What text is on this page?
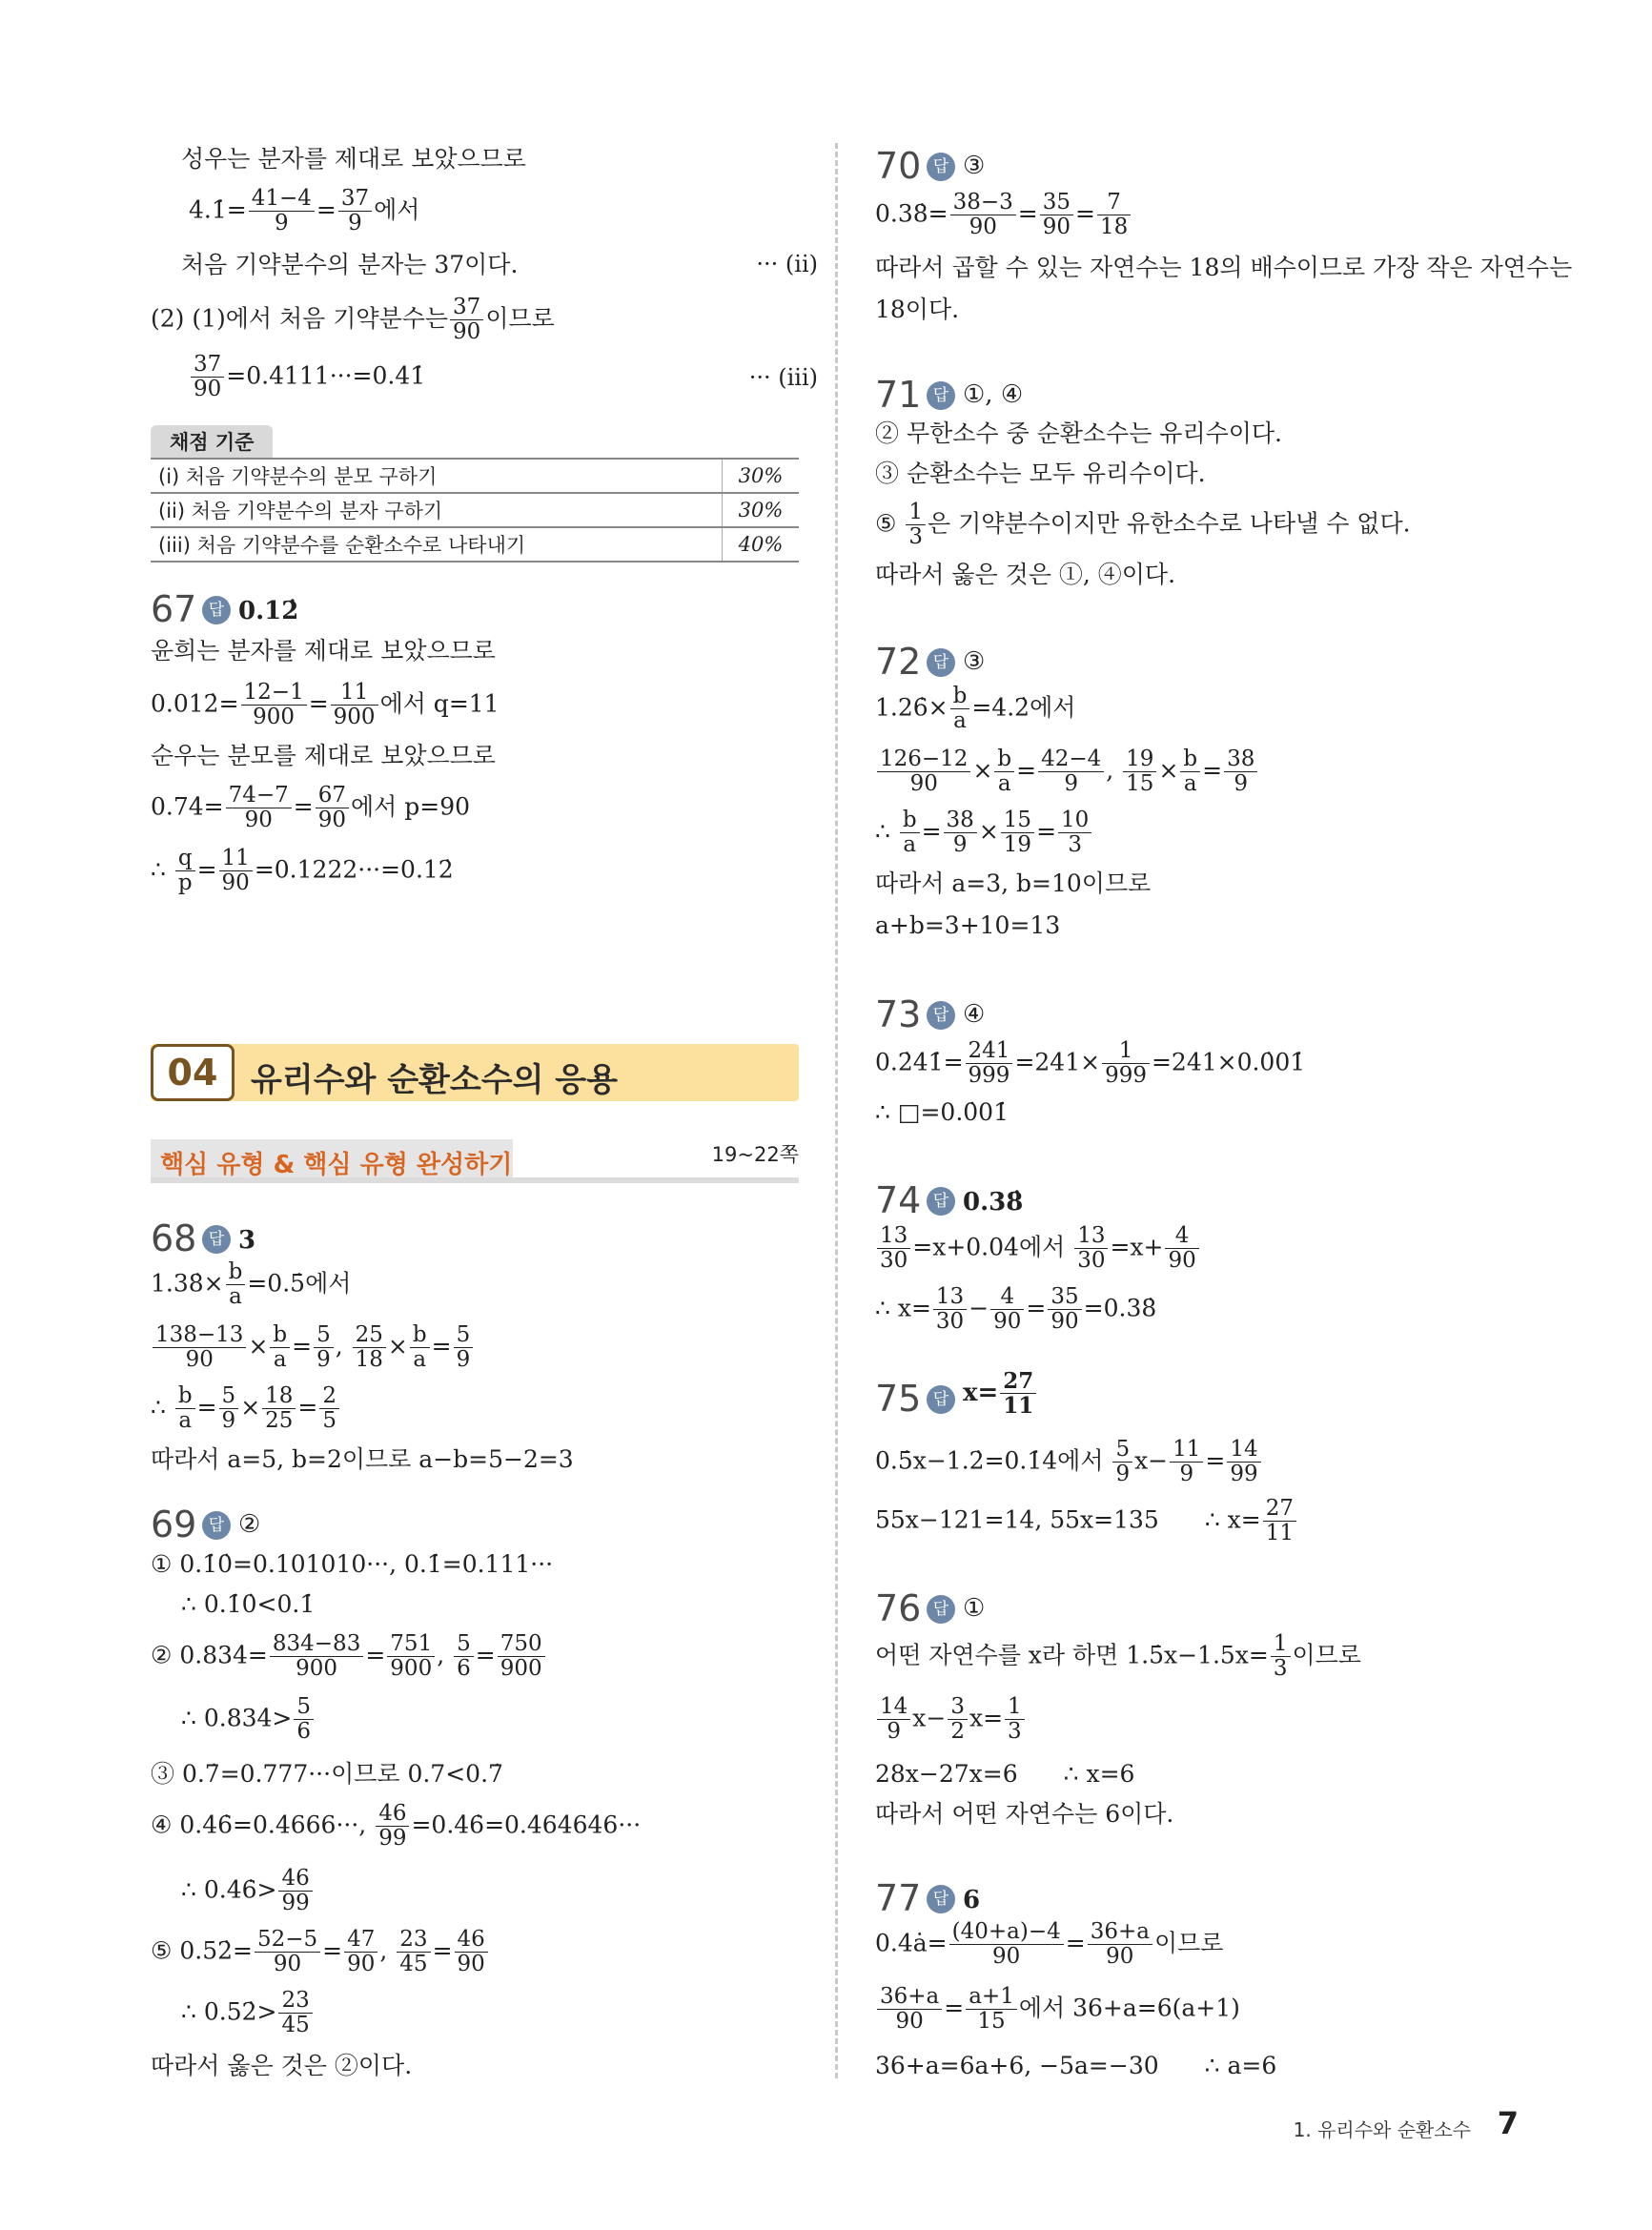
성우는 분자를 제대로 보았으므로
4.1̇= $\frac{41-4}{9} = \frac{37}{9}$ 에서
처음 기약분수의 분자는 37이다.	··· (ii)
(2) (1)에서 처음 기약분수는 $\frac{37}{90}$ 이므로
$\frac{37}{90}$ =0.4111···=0.41̇	··· (iii)
채점 기준
(i) 처음 기약분수의 분모 구하기	30%
(ii) 처음 기약분수의 분자 구하기	30%
(iii) 처음 기약분수를 순환소수로 나타내기	40%
67 답 0.12̇
윤희는 분자를 제대로 보았으므로
0.012̇= $\frac{12-1}{900} = \frac{11}{900}$ 에서 q=11
순우는 분모를 제대로 보았으므로
0.74̇= $\frac{74-7}{90} = \frac{67}{90}$ 에서 p=90
∴ $\frac{q}{p} = \frac{11}{90}$ =0.1222···=0.12̇
04	유리수와 순환소수의 응용
핵심 유형 & 핵심 유형 완성하기	19~22쪽
68 답 3
1.38̇× $\frac{b}{a}$ =0.5̇에서
$\frac{138-13}{90} \times \frac{b}{a} = \frac{5}{9}$ , $\frac{25}{18} \times \frac{b}{a} = \frac{5}{9}$
∴ $\frac{b}{a} = \frac{5}{9} \times \frac{18}{25} = \frac{2}{5}$
따라서 a=5, b=2이므로 a−b=5−2=3
69 답 ②
① 0.1̇0̇=0.101010···, 0.1̇=0.111···
∴ 0.1̇0̇<0.1̇
② 0.834̇= $\frac{834-83}{900} = \frac{751}{900}$ , $\frac{5}{6} = \frac{750}{900}$
∴ 0.834̇> $\frac{5}{6}$
③ 0.7̇=0.777···이므로 0.7<0.7̇
④ 0.46̇=0.4666···, $\frac{46}{99}$ =0.4̇6̇=0.464646···
∴ 0.46̇> $\frac{46}{99}$
⑤ 0.52̇= $\frac{52-5}{90} = \frac{47}{90}$ , $\frac{23}{45} = \frac{46}{90}$
∴ 0.52̇> $\frac{23}{45}$
따라서 옳은 것은 ②이다.
70 답 ③
0.38̇= $\frac{38-3}{90} = \frac{35}{90} = \frac{7}{18}$
따라서 곱할 수 있는 자연수는 18의 배수이므로 가장 작은 자연수는
18이다.
71 답 ①, ④
② 무한소수 중 순환소수는 유리수이다.
③ 순환소수는 모두 유리수이다.
⑤ $\frac{1}{3}$ 은 기약분수이지만 유한소수로 나타낼 수 없다.
따라서 옳은 것은 ①, ④이다.
72 답 ③
1.26̇× $\frac{b}{a}$ =4.2̇에서
$\frac{126-12}{90} \times \frac{b}{a} = \frac{42-4}{9}$ , $\frac{19}{15} \times \frac{b}{a} = \frac{38}{9}$
∴ $\frac{b}{a} = \frac{38}{9} \times \frac{15}{19} = \frac{10}{3}$
따라서 a=3, b=10이므로
a+b=3+10=13
73 답 ④
0.2̇41̇= $\frac{241}{999} =241\times \frac{1}{999}$ =241×0.0̇01̇
∴ □=0.0̇01̇
74 답 0.38̇
$\frac{13}{30}$ =x+0.04̇에서 $\frac{13}{30} =x+ \frac{4}{90}$
∴ $x= \frac{13}{30} - \frac{4}{90} = \frac{35}{90}$ =0.38̇
75 답 $x= \frac{27}{11}$
0.5̇x−1.2̇=0.1̇4̇에서 $\frac{5}{9} x- \frac{11}{9} = \frac{14}{99}$
55x−121=14, 55x=135 ∴ $x= \frac{27}{11}$
76 답 ①
어떤 자연수를 x라 하면 1.5̇x−1.5x= $\frac{1}{3}$ 이므로
$\frac{14}{9} x- \frac{3}{2} x= \frac{1}{3}$
28x−27x=6 ∴ x=6
따라서 어떤 자연수는 6이다.
77 답 6
0.4ȧ= $\frac{(40+a)-4}{90} = \frac{36+a}{90}$ 이므로
$\frac{36+a}{90} = \frac{a+1}{15}$ 에서 36+a=6(a+1)
36+a=6a+6, −5a=−30 ∴ a=6
1. 유리수와 순환소수 7
